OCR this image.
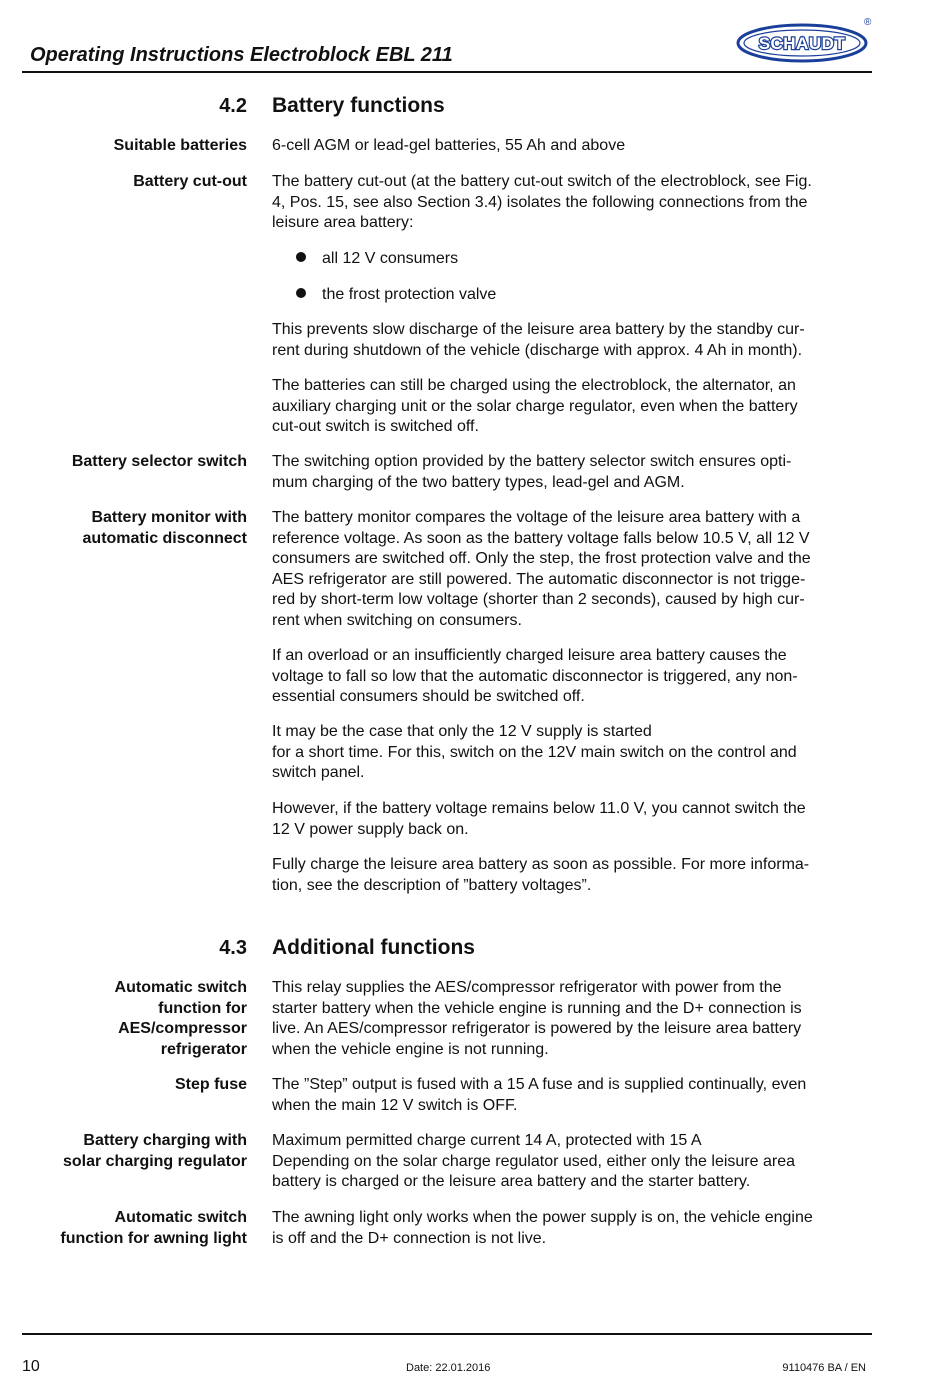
Operating Instructions Electroblock EBL 211
SCHAUDT
®
4.2 Battery functions
Suitable batteries 6-cell AGM or lead-gel batteries, 55 Ah and above
Battery cut-out The battery cut-out (at the battery cut-out switch of the electroblock, see Fig.
4, Pos. 15, see also Section 3.4) isolates the following connections from the
leisure area battery:
all 12 V consumers
the frost protection valve
This prevents slow discharge of the leisure area battery by the standby cur-
rent during shutdown of the vehicle (discharge with approx. 4 Ah in month).
The batteries can still be charged using the electroblock, the alternator, an
auxiliary charging unit or the solar charge regulator, even when the battery
cut-out switch is switched off.
Battery selector switch The switching option provided by the battery selector switch ensures opti-
mum charging of the two battery types, lead-gel and AGM.
Battery monitor with
automatic disconnect
The battery monitor compares the voltage of the leisure area battery with a
reference voltage. As soon as the battery voltage falls below 10.5 V, all 12 V
consumers are switched off. Only the step, the frost protection valve and the
AES refrigerator are still powered. The automatic disconnector is not trigge-
red by short-term low voltage (shorter than 2 seconds), caused by high cur-
rent when switching on consumers.
If an overload or an insufficiently charged leisure area battery causes the
voltage to fall so low that the automatic disconnector is triggered, any non-
essential consumers should be switched off.
It may be the case that only the 12 V supply is started
for a short time. For this, switch on the 12V main switch on the control and
switch panel.
However, if the battery voltage remains below 11.0 V, you cannot switch the
12 V power supply back on.
Fully charge the leisure area battery as soon as possible. For more informa-
tion, see the description of ”battery voltages”.
4.3 Additional functions
Automatic switch
function for
AES/compressor
refrigerator
This relay supplies the AES/compressor refrigerator with power from the
starter battery when the vehicle engine is running and the D+ connection is
live. An AES/compressor refrigerator is powered by the leisure area battery
when the vehicle engine is not running.
Step fuse The ”Step” output is fused with a 15 A fuse and is supplied continually, even
when the main 12 V switch is OFF.
Battery charging with
solar charging regulator
Maximum permitted charge current 14 A, protected with 15 A
Depending on the solar charge regulator used, either only the leisure area
battery is charged or the leisure area battery and the starter battery.
Automatic switch
function for awning light
The awning light only works when the power supply is on, the vehicle engine
is off and the D+ connection is not live.
10	Date: 22.01.2016	9110476 BA / EN
